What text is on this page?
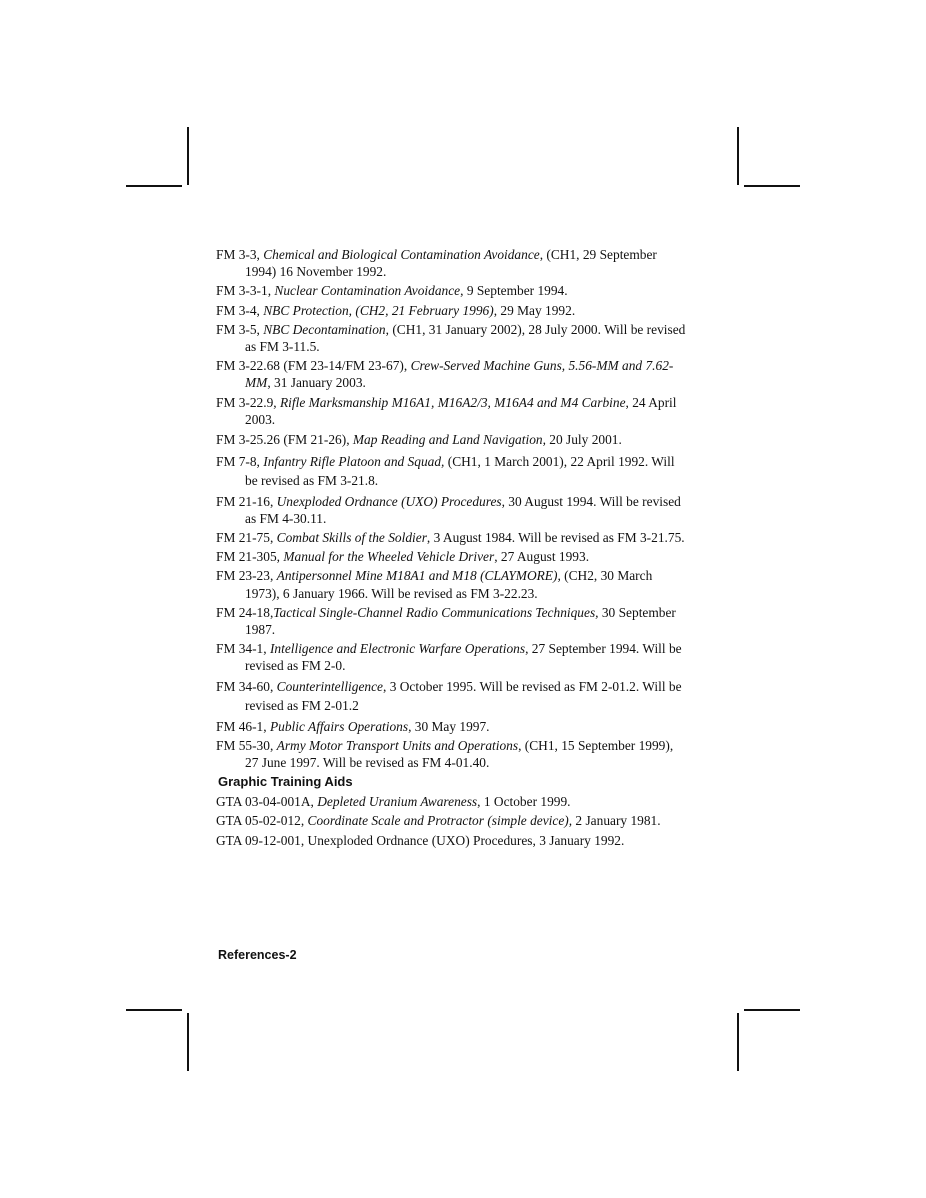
FM 3-3, Chemical and Biological Contamination Avoidance, (CH1, 29 September 1994) 16 November 1992.

FM 3-3-1, Nuclear Contamination Avoidance, 9 September 1994.

FM 3-4, NBC Protection, (CH2, 21 February 1996), 29 May 1992.

FM 3-5, NBC Decontamination, (CH1, 31 January 2002), 28 July 2000. Will be revised as FM 3-11.5.

FM 3-22.68 (FM 23-14/FM 23-67), Crew-Served Machine Guns, 5.56-MM and 7.62-MM, 31 January 2003.

FM 3-22.9, Rifle Marksmanship M16A1, M16A2/3, M16A4 and M4 Carbine, 24 April 2003.

FM 3-25.26 (FM 21-26), Map Reading and Land Navigation, 20 July 2001.

FM 7-8, Infantry Rifle Platoon and Squad, (CH1, 1 March 2001), 22 April 1992. Will be revised as FM 3-21.8.

FM 21-16, Unexploded Ordnance (UXO) Procedures, 30 August 1994. Will be revised as FM 4-30.11.

FM 21-75, Combat Skills of the Soldier, 3 August 1984. Will be revised as FM 3-21.75.

FM 21-305, Manual for the Wheeled Vehicle Driver, 27 August 1993.

FM 23-23, Antipersonnel Mine M18A1 and M18 (CLAYMORE), (CH2, 30 March 1973), 6 January 1966. Will be revised as FM 3-22.23.

FM 24-18,Tactical Single-Channel Radio Communications Techniques, 30 September 1987.

FM 34-1, Intelligence and Electronic Warfare Operations, 27 September 1994. Will be revised as FM 2-0.

FM 34-60, Counterintelligence, 3 October 1995. Will be revised as FM 2-01.2. Will be revised as FM 2-01.2

FM 46-1, Public Affairs Operations, 30 May 1997.

FM 55-30, Army Motor Transport Units and Operations, (CH1, 15 September 1999), 27 June 1997. Will be revised as FM 4-01.40.

Graphic Training Aids

GTA 03-04-001A, Depleted Uranium Awareness, 1 October 1999.

GTA 05-02-012, Coordinate Scale and Protractor (simple device), 2 January 1981.

GTA 09-12-001, Unexploded Ordnance (UXO) Procedures, 3 January 1992.

References-2
